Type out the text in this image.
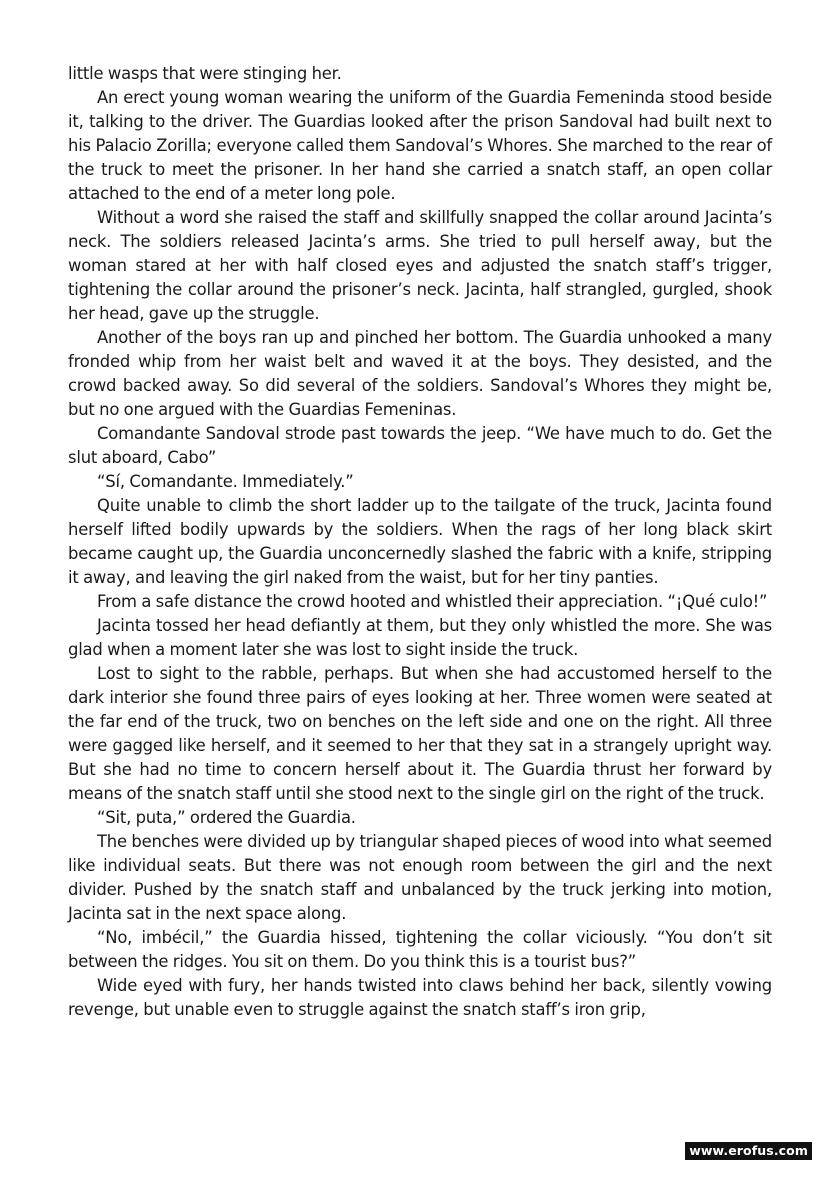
little wasps that were stinging her.

An erect young woman wearing the uniform of the Guardia Femeninda stood beside it, talking to the driver. The Guardias looked after the prison Sandoval had built next to his Palacio Zorilla; everyone called them Sandoval’s Whores. She marched to the rear of the truck to meet the prisoner. In her hand she carried a snatch staff, an open collar attached to the end of a meter long pole.

Without a word she raised the staff and skillfully snapped the collar around Jacinta’s neck. The soldiers released Jacinta’s arms. She tried to pull herself away, but the woman stared at her with half closed eyes and adjusted the snatch staff’s trigger, tightening the collar around the prisoner’s neck. Jacinta, half strangled, gurgled, shook her head, gave up the struggle.

Another of the boys ran up and pinched her bottom. The Guardia unhooked a many fronded whip from her waist belt and waved it at the boys. They desisted, and the crowd backed away. So did several of the soldiers. Sandoval’s Whores they might be, but no one argued with the Guardias Femeninas.

Comandante Sandoval strode past towards the jeep. “We have much to do. Get the slut aboard, Cabo”

“Sí, Comandante. Immediately.”

Quite unable to climb the short ladder up to the tailgate of the truck, Jacinta found herself lifted bodily upwards by the soldiers. When the rags of her long black skirt became caught up, the Guardia unconcernedly slashed the fabric with a knife, stripping it away, and leaving the girl naked from the waist, but for her tiny panties.

From a safe distance the crowd hooted and whistled their appreciation. “¡Qué culo!”

Jacinta tossed her head defiantly at them, but they only whistled the more. She was glad when a moment later she was lost to sight inside the truck.

Lost to sight to the rabble, perhaps. But when she had accustomed herself to the dark interior she found three pairs of eyes looking at her. Three women were seated at the far end of the truck, two on benches on the left side and one on the right. All three were gagged like herself, and it seemed to her that they sat in a strangely upright way. But she had no time to concern herself about it. The Guardia thrust her forward by means of the snatch staff until she stood next to the single girl on the right of the truck.

“Sit, puta,” ordered the Guardia.

The benches were divided up by triangular shaped pieces of wood into what seemed like individual seats. But there was not enough room between the girl and the next divider. Pushed by the snatch staff and unbalanced by the truck jerking into motion, Jacinta sat in the next space along.

“No, imbécil,” the Guardia hissed, tightening the collar viciously. “You don’t sit between the ridges. You sit on them. Do you think this is a tourist bus?”

Wide eyed with fury, her hands twisted into claws behind her back, silently vowing revenge, but unable even to struggle against the snatch staff’s iron grip,

www.erofus.com
